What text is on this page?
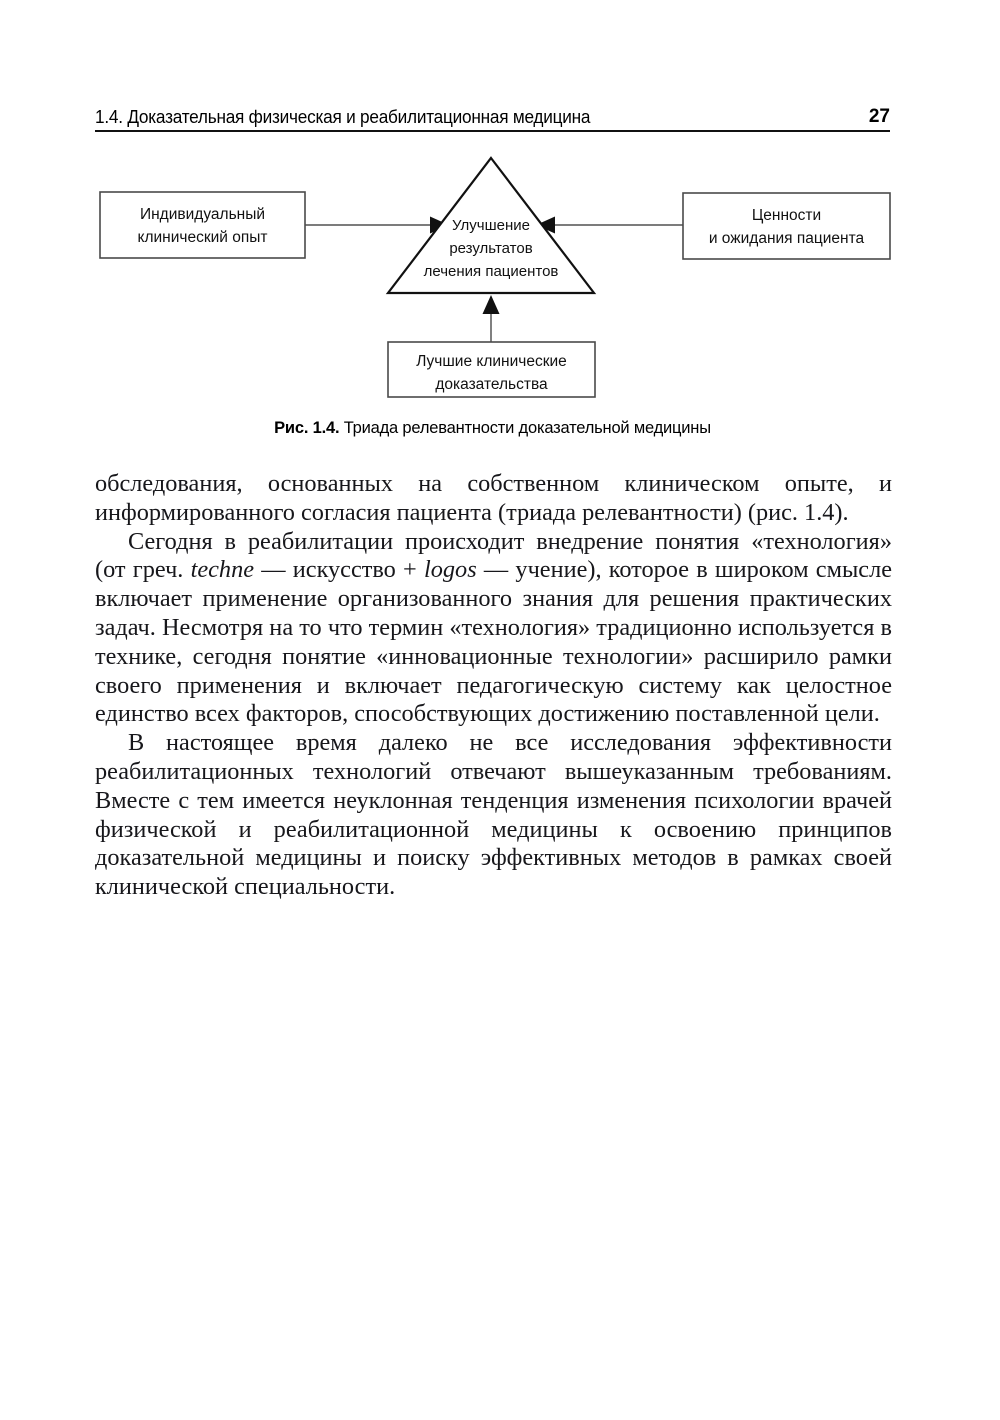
1.4. Доказательная физическая и реабилитационная медицина	27
Улучшение
результатов
лечения пациентов
Индивидуальный
клинический опыт
Ценности
и ожидания пациента
Лучшие клинические
доказательства
Рис. 1.4. Триада релевантности доказательной медицины

обследования, основанных на собственном клиническом опыте, и информированного согласия пациента (триада релевантности) (рис. 1.4).

Сегодня в реабилитации происходит внедрение понятия «технология» (от греч. techne — искусство + logos — учение), которое в широком смысле включает применение организованного знания для решения практических задач. Несмотря на то что термин «технология» традиционно используется в технике, сегодня понятие «инновационные технологии» расширило рамки своего применения и включает педагогическую систему как целостное единство всех факторов, способствующих достижению поставленной цели.

В настоящее время далеко не все исследования эффективности реабилитационных технологий отвечают вышеуказанным требованиям. Вместе с тем имеется неуклонная тенденция изменения психологии врачей физической и реабилитационной медицины к освоению принципов доказательной медицины и поиску эффективных методов в рамках своей клинической специальности.
